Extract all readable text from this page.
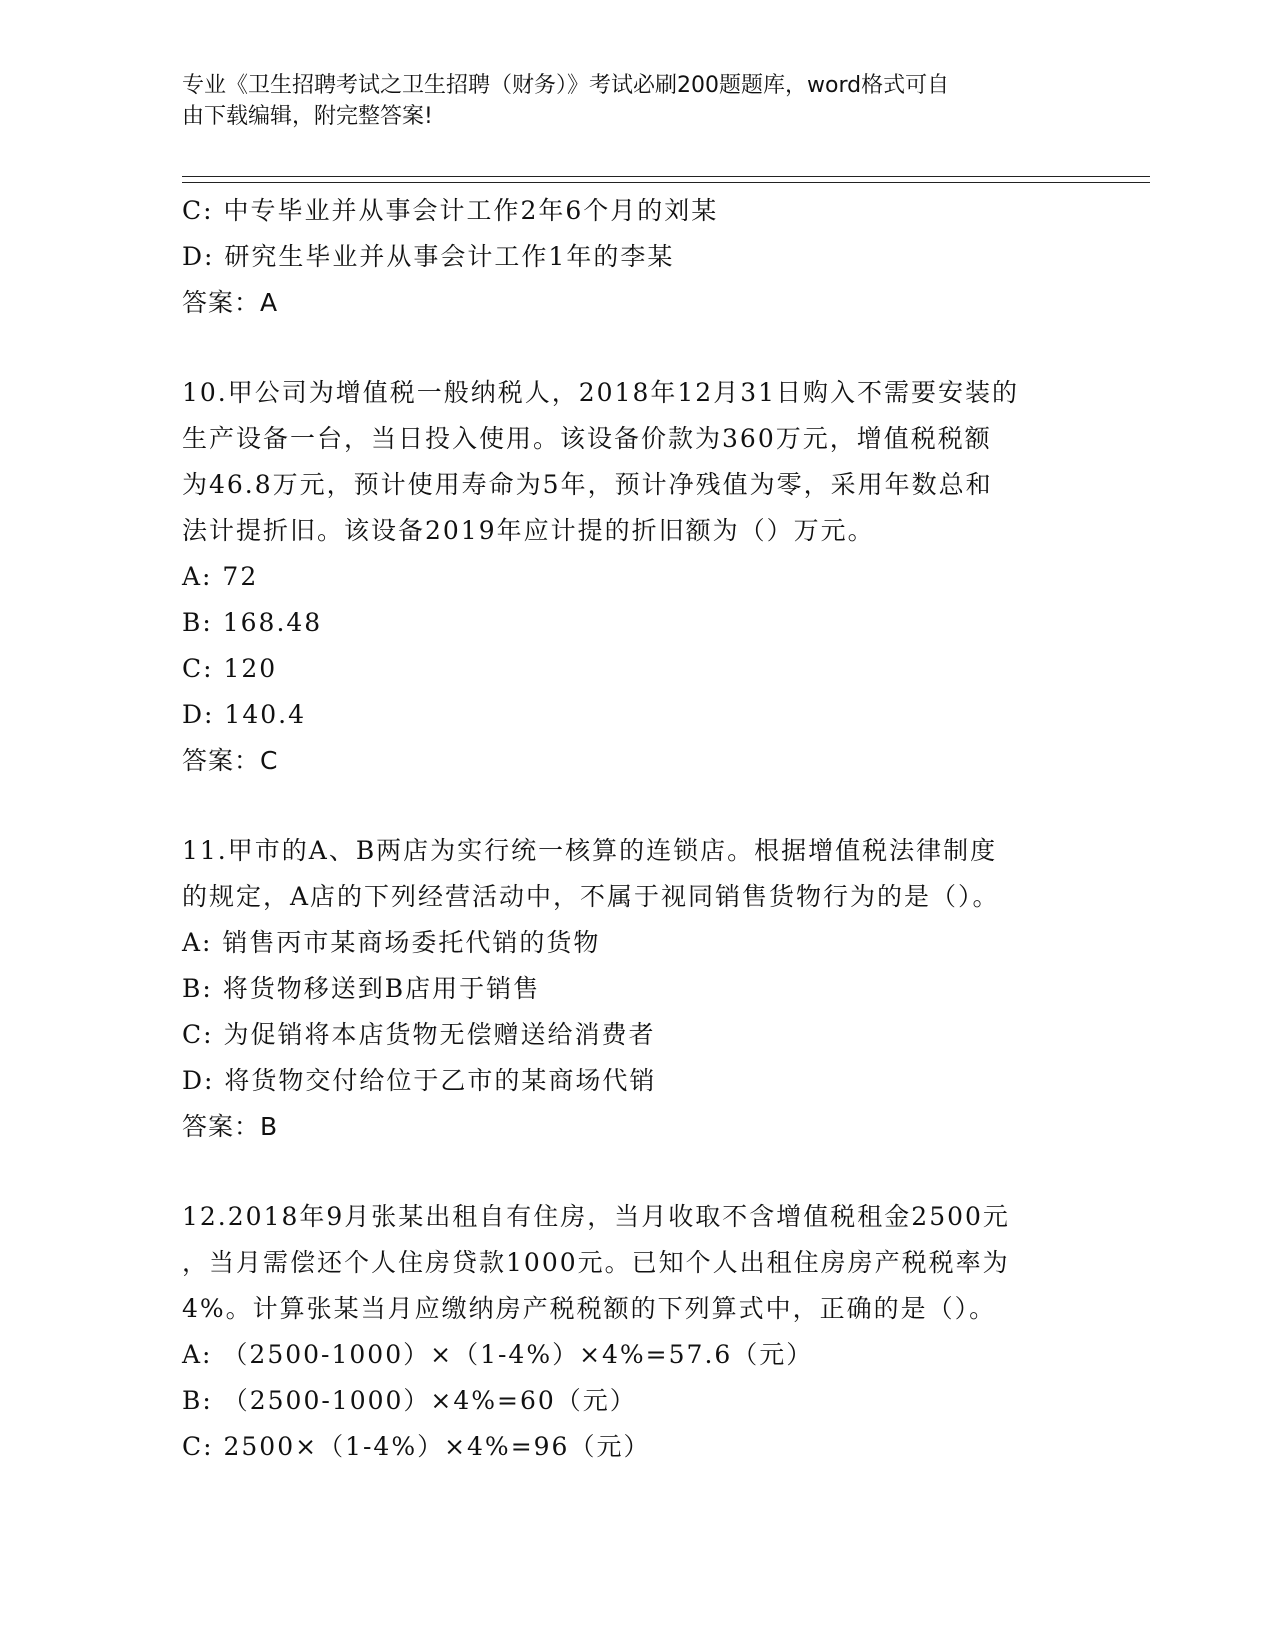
专业《卫生招聘考试之卫生招聘（财务）》考试必刷200题题库，word格式可自
由下载编辑，附完整答案!
C: 中专毕业并从事会计工作2年6个月的刘某
D: 研究生毕业并从事会计工作1年的李某
答案：A
10.甲公司为增值税一般纳税人，2018年12月31日购入不需要安装的
生产设备一台，当日投入使用。该设备价款为360万元，增值税税额
为46.8万元，预计使用寿命为5年，预计净残值为零，采用年数总和
法计提折旧。该设备2019年应计提的折旧额为（）万元。
A: 72
B: 168.48
C: 120
D: 140.4
答案：C
11.甲市的A、B两店为实行统一核算的连锁店。根据增值税法律制度
的规定，A店的下列经营活动中，不属于视同销售货物行为的是（）。
A: 销售丙市某商场委托代销的货物
B: 将货物移送到B店用于销售
C: 为促销将本店货物无偿赠送给消费者
D: 将货物交付给位于乙市的某商场代销
答案：B
12.2018年9月张某出租自有住房，当月收取不含增值税租金2500元
，当月需偿还个人住房贷款1000元。已知个人出租住房房产税税率为
4%。计算张某当月应缴纳房产税税额的下列算式中，正确的是（）。
A: （2500-1000）×（1-4%）×4%=57.6（元）
B: （2500-1000）×4%=60（元）
C: 2500×（1-4%）×4%=96（元）
